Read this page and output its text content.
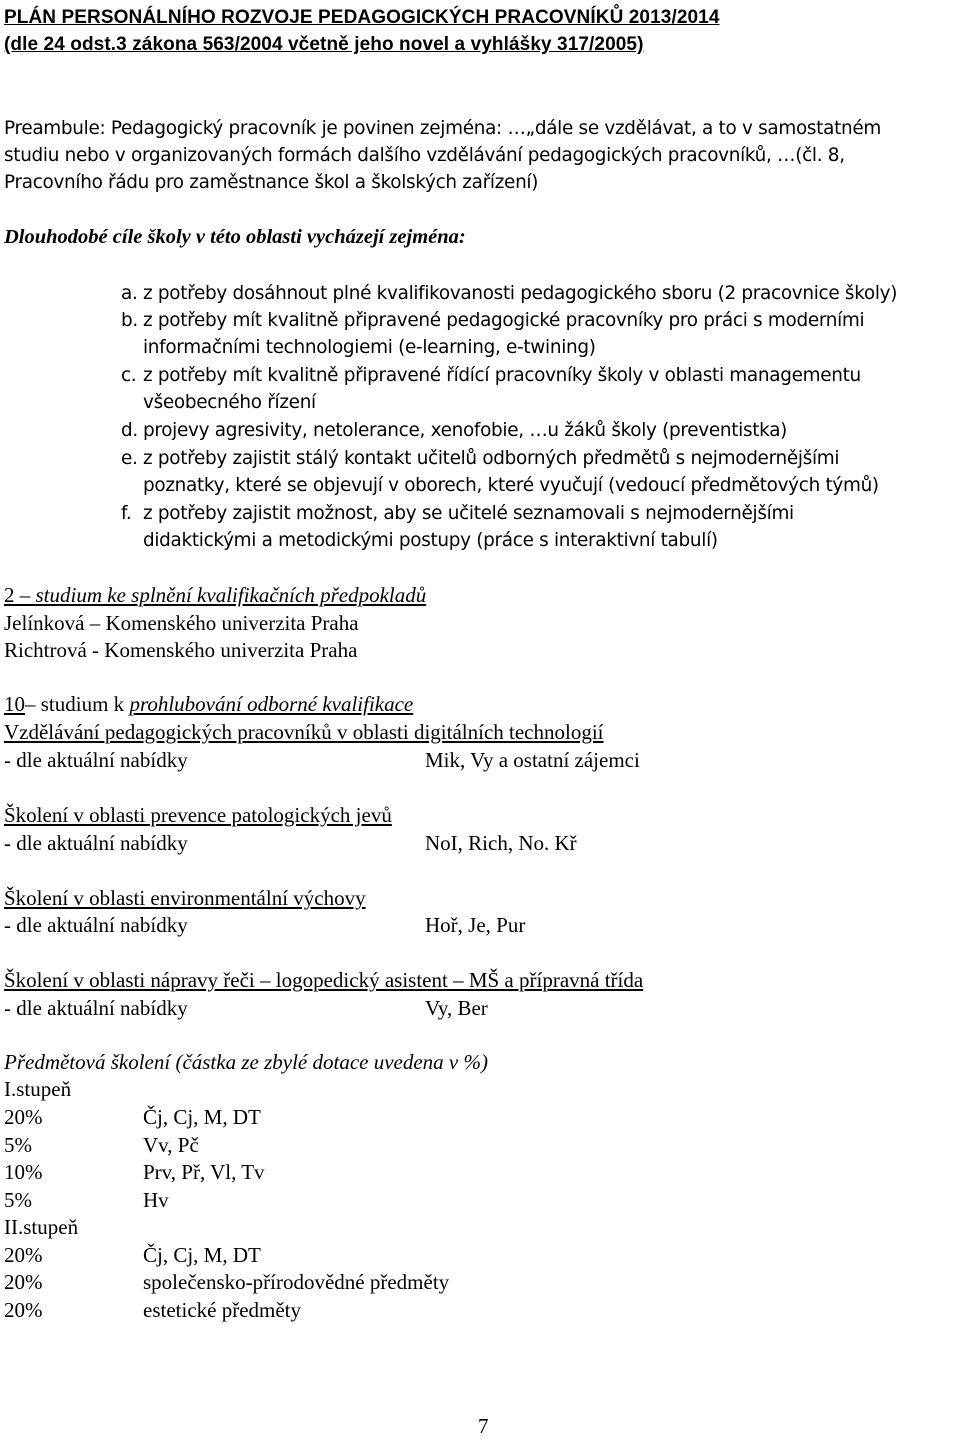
PLÁN PERSONÁLNÍHO ROZVOJE PEDAGOGICKÝCH PRACOVNÍKŮ 2013/2014
(dle 24 odst.3 zákona 563/2004 včetně jeho novel a vyhlášky 317/2005)
Preambule: Pedagogický pracovník je povinen zejména: …„dále se vzdělávat, a to v samostatném
studiu nebo v organizovaných formách dalšího vzdělávání pedagogických pracovníků, …(čl. 8,
Pracovního řádu pro zaměstnance škol a školských zařízení)
Dlouhodobé cíle školy v této oblasti vycházejí zejména:
a. z potřeby dosáhnout plné kvalifikovanosti pedagogického sboru (2 pracovnice školy)
b. z potřeby mít kvalitně připravené pedagogické pracovníky pro práci s moderními
informačními technologiemi (e-learning, e-twining)
c. z potřeby mít kvalitně připravené řídící pracovníky školy v oblasti managementu
všeobecného řízení
d. projevy agresivity, netolerance, xenofobie, …u žáků školy (preventistka)
e. z potřeby zajistit stálý kontakt učitelů odborných předmětů s nejmodernějšími
poznatky, které se objevují v oborech, které vyučují (vedoucí předmětových týmů)
f. z potřeby zajistit možnost, aby se učitelé seznamovali s nejmodernějšími
didaktickými a metodickými postupy (práce s interaktivní tabulí)
2 – studium ke splnění kvalifikačních předpokladů
Jelínková – Komenského univerzita Praha
Richtrová - Komenského univerzita Praha
10– studium k prohlubování odborné kvalifikace
Vzdělávání pedagogických pracovníků v oblasti digitálních technologií
- dle aktuální nabídky	Mik, Vy a ostatní zájemci
Školení v oblasti prevence patologických jevů
- dle aktuální nabídky	NoI, Rich, No. Kř
Školení v oblasti environmentální výchovy
- dle aktuální nabídky	Hoř, Je, Pur
Školení v oblasti nápravy řeči – logopedický asistent – MŠ a přípravná třída
- dle aktuální nabídky	Vy, Ber
Předmětová školení (částka ze zbylé dotace uvedena v %)
I.stupeň
20%	Čj, Cj, M, DT
5%	Vv, Pč
10%	Prv, Př, Vl, Tv
5%	Hv
II.stupeň
20%	Čj, Cj, M, DT
20%	společensko-přírodovědné předměty
20%	estetické předměty
7
